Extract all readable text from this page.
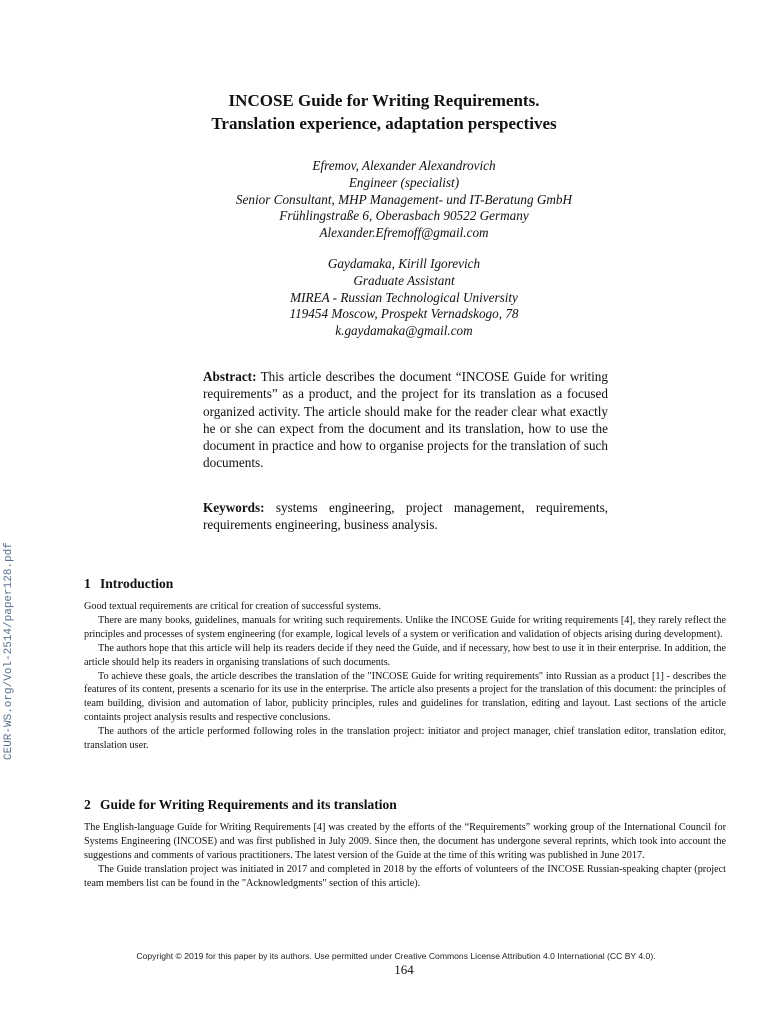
CEUR-WS.org/Vol-2514/paper128.pdf
INCOSE Guide for Writing Requirements.
Translation experience, adaptation perspectives
Efremov, Alexander Alexandrovich
Engineer (specialist)
Senior Consultant, MHP Management- und IT-Beratung GmbH
Frühlingstraße 6, Oberasbach 90522 Germany
Alexander.Efremoff@gmail.com
Gaydamaka, Kirill Igorevich
Graduate Assistant
MIREA - Russian Technological University
119454 Moscow, Prospekt Vernadskogo, 78
k.gaydamaka@gmail.com
Abstract: This article describes the document “INCOSE Guide for writing requirements” as a product, and the project for its translation as a focused organized activity. The article should make for the reader clear what exactly he or she can expect from the document and its translation, how to use the document in practice and how to organise projects for the translation of such documents.
Keywords: systems engineering, project management, requirements, requirements engineering, business analysis.
1 Introduction

Good textual requirements are critical for creation of successful systems.

There are many books, guidelines, manuals for writing such requirements. Unlike the INCOSE Guide for writing requirements [4], they rarely reflect the principles and processes of system engineering (for example, logical levels of a system or verification and validation of objects arising during development).

The authors hope that this article will help its readers decide if they need the Guide, and if necessary, how best to use it in their enterprise. In addition, the article should help its readers in organising translations of such documents.

To achieve these goals, the article describes the translation of the "INCOSE Guide for writing requirements" into Russian as a product [1] - describes the features of its content, presents a scenario for its use in the enterprise. The article also presents a project for the translation of this document: the principles of team building, division and automation of labor, publicity principles, rules and guidelines for translation, editing and layout. Last sections of the article containts project analysis results and respective conclusions.

The authors of the article performed following roles in the translation project: initiator and project manager, chief translation editor, translation editor, translation user.

2 Guide for Writing Requirements and its translation

The English-language Guide for Writing Requirements [4] was created by the efforts of the “Requirements” working group of the International Council for Systems Engineering (INCOSE) and was first published in July 2009. Since then, the document has undergone several reprints, which took into account the suggestions and comments of various practitioners. The latest version of the Guide at the time of this writing was published in June 2017.

The Guide translation project was initiated in 2017 and completed in 2018 by the efforts of volunteers of the INCOSE Russian-speaking chapter (project team members list can be found in the "Acknowledgments" section of this article).

Copyright © 2019 for this paper by its authors. Use permitted under Creative Commons License Attribution 4.0 International (CC BY 4.0).
164
